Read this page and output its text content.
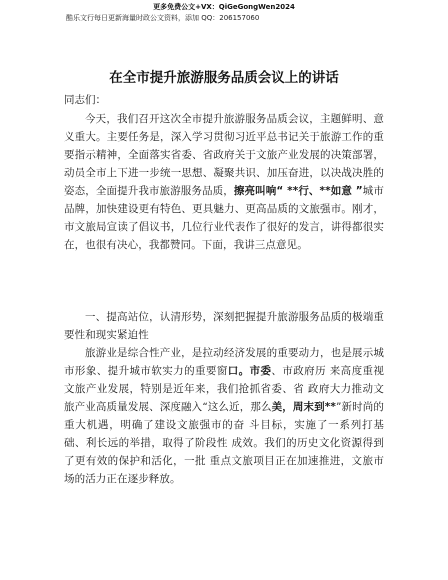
更多免费公文+VX：QiGeGongWen2024
酷乐文行每日更新海量时政公文资料，添加 QQ：206157060
在全市提升旅游服务品质会议上的讲话

同志们：

今天，我们召开这次全市提升旅游服务品质会议，主题鲜明、意义重大。主要任务是，深入学习贯彻习近平总书记关于旅游工作的重要指示精神，全面落实省委、省政府关于文旅产业发展的决策部署，动员全市上下进一步统一思想、凝聚共识、加压奋进，以决战决胜的姿态，全面提升我市旅游服务品质，擦亮叫响“ **行、**如意 ”城市品牌，加快建设更有特色、更具魅力、更高品质的文旅强市。刚才，市文旅局宣读了倡议书，几位行业代表作了很好的发言，讲得都很实在，也很有决心，我都赞同。下面，我讲三点意见。

一、提高站位，认清形势，深刻把握提升旅游服务品质的极端重要性和现实紧迫性

旅游业是综合性产业，是拉动经济发展的重要动力，也是展示城市形象、提升城市软实力的重要窗口。市委、市政府历 来高度重视文旅产业发展，特别是近年来，我们抢抓省委、省 政府大力推动文旅产业高质量发展、深度融入“这么近，那么美，周末到**”新时尚的重大机遇，明确了建设文旅强市的奋 斗目标，实施了一系列打基础、利长远的举措，取得了阶段性 成效。我们的历史文化资源得到了更有效的保护和活化，一批 重点文旅项目正在加速推进，文旅市场的活力正在逐步释放。
